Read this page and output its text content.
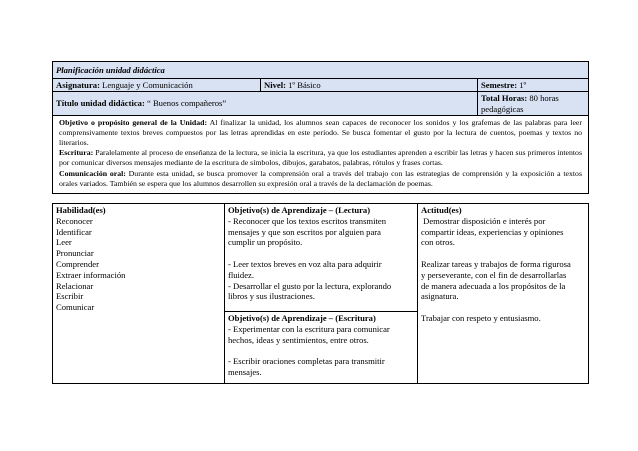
Planificación unidad didáctica
Asignatura: Lenguaje y Comunicación	Nivel: 1º Básico	Semestre: 1º
Título unidad didáctica: “ Buenos compañeros”
Total Horas: 80 horas pedagógicas

Objetivo o propósito general de la Unidad: Al finalizar la unidad, los alumnos sean capaces de reconocer los sonidos y los grafemas de las palabras para leer comprensivamente textos breves compuestos por las letras aprendidas en este período. Se busca fomentar el gusto por la lectura de cuentos, poemas y textos no literarios.

Escritura: Paralelamente al proceso de enseñanza de la lectura, se inicia la escritura, ya que los estudiantes aprenden a escribir las letras y hacen sus primeros intentos por comunicar diversos mensajes mediante de la escritura de símbolos, dibujos, garabatos, palabras, rótulos y frases cortas.

Comunicación oral: Durante esta unidad, se busca promover la comprensión oral a través del trabajo con las estrategias de comprensión y la exposición a textos orales variados. También se espera que los alumnos desarrollen su expresión oral a través de la declamación de poemas.

Habilidad(es)
Reconocer
Identificar
Leer
Pronunciar
Comprender
Extraer información
Relacionar
Escribir
Comunicar
Objetivo(s) de Aprendizaje – (Lectura)
- Reconocer que los textos escritos transmiten
mensajes y que son escritos por alguien para
cumplir un propósito.
- Leer textos breves en voz alta para adquirir
fluidez.
- Desarrollar el gusto por la lectura, explorando
libros y sus ilustraciones.
Objetivo(s) de Aprendizaje – (Escritura)
- Experimentar con la escritura para comunicar
hechos, ideas y sentimientos, entre otros.
- Escribir oraciones completas para transmitir
mensajes.
Actitud(es)
Demostrar disposición e interés por
compartir ideas, experiencias y opiniones
con otros.
Realizar tareas y trabajos de forma rigurosa
y perseverante, con el fin de desarrollarlas
de manera adecuada a los propósitos de la
asignatura.
Trabajar con respeto y entusiasmo.
